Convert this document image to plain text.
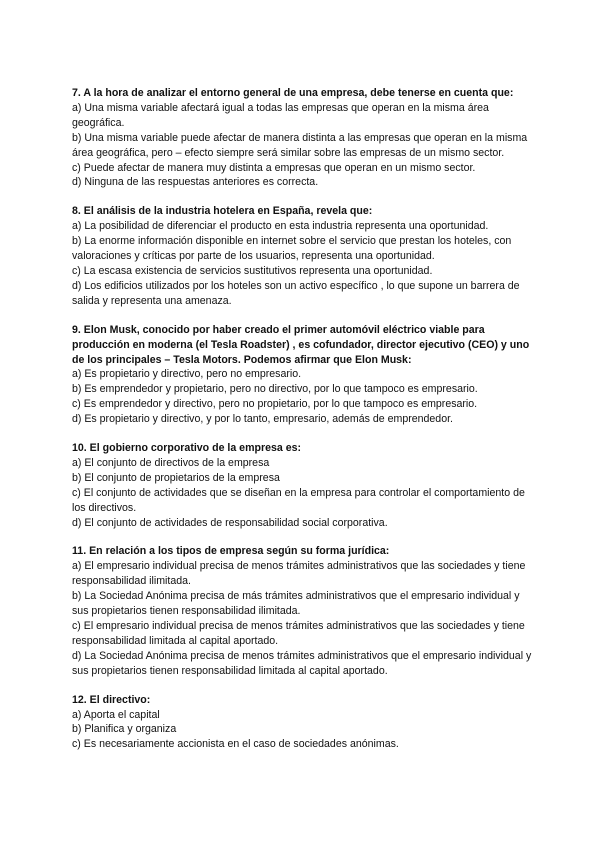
7. A la hora de analizar el entorno general de una empresa, debe tenerse en cuenta que:

a) Una misma variable afectará igual a todas las empresas que operan en la misma área geográfica.

b) Una misma variable puede afectar de manera distinta a las empresas que operan en la misma área geográfica, pero ‒ efecto siempre será similar sobre las empresas de un mismo sector.

c) Puede afectar de manera muy distinta a empresas que operan en un mismo sector.

d) Ninguna de las respuestas anteriores es correcta.

8. El análisis de la industria hotelera en España, revela que:

a) La posibilidad de diferenciar el producto en esta industria representa una oportunidad.

b) La enorme información disponible en internet sobre el servicio que prestan los hoteles, con valoraciones y críticas por parte de los usuarios, representa una oportunidad.

c) La escasa existencia de servicios sustitutivos representa una oportunidad.

d) Los edificios utilizados por los hoteles son un activo específico , lo que supone un barrera de salida y representa una amenaza.

9. Elon Musk, conocido por haber creado el primer automóvil eléctrico viable para producción en moderna (el Tesla Roadster) , es cofundador, director ejecutivo (CEO) y uno de los principales – Tesla Motors. Podemos afirmar que Elon Musk:

a) Es propietario y directivo, pero no empresario.

b) Es emprendedor y propietario, pero no directivo, por lo que tampoco es empresario.

c) Es emprendedor y directivo, pero no propietario, por lo que tampoco es empresario.

d) Es propietario y directivo, y por lo tanto, empresario, además de emprendedor.

10. El gobierno corporativo de la empresa es:

a) El conjunto de directivos de la empresa

b) El conjunto de propietarios de la empresa

c) El conjunto de actividades que se diseñan en la empresa para controlar el comportamiento de los directivos.

d) El conjunto de actividades de responsabilidad social corporativa.

11. En relación a los tipos de empresa según su forma jurídica:

a) El empresario individual precisa de menos trámites administrativos que las sociedades y tiene responsabilidad ilimitada.

b) La Sociedad Anónima precisa de más trámites administrativos que el empresario individual y sus propietarios tienen responsabilidad ilimitada.

c) El empresario individual precisa de menos trámites administrativos que las sociedades y tiene responsabilidad limitada al capital aportado.

d) La Sociedad Anónima precisa de menos trámites administrativos que el empresario individual y sus propietarios tienen responsabilidad limitada al capital aportado.

12. El directivo:

a) Aporta el capital

b) Planifica y organiza

c) Es necesariamente accionista en el caso de sociedades anónimas.
